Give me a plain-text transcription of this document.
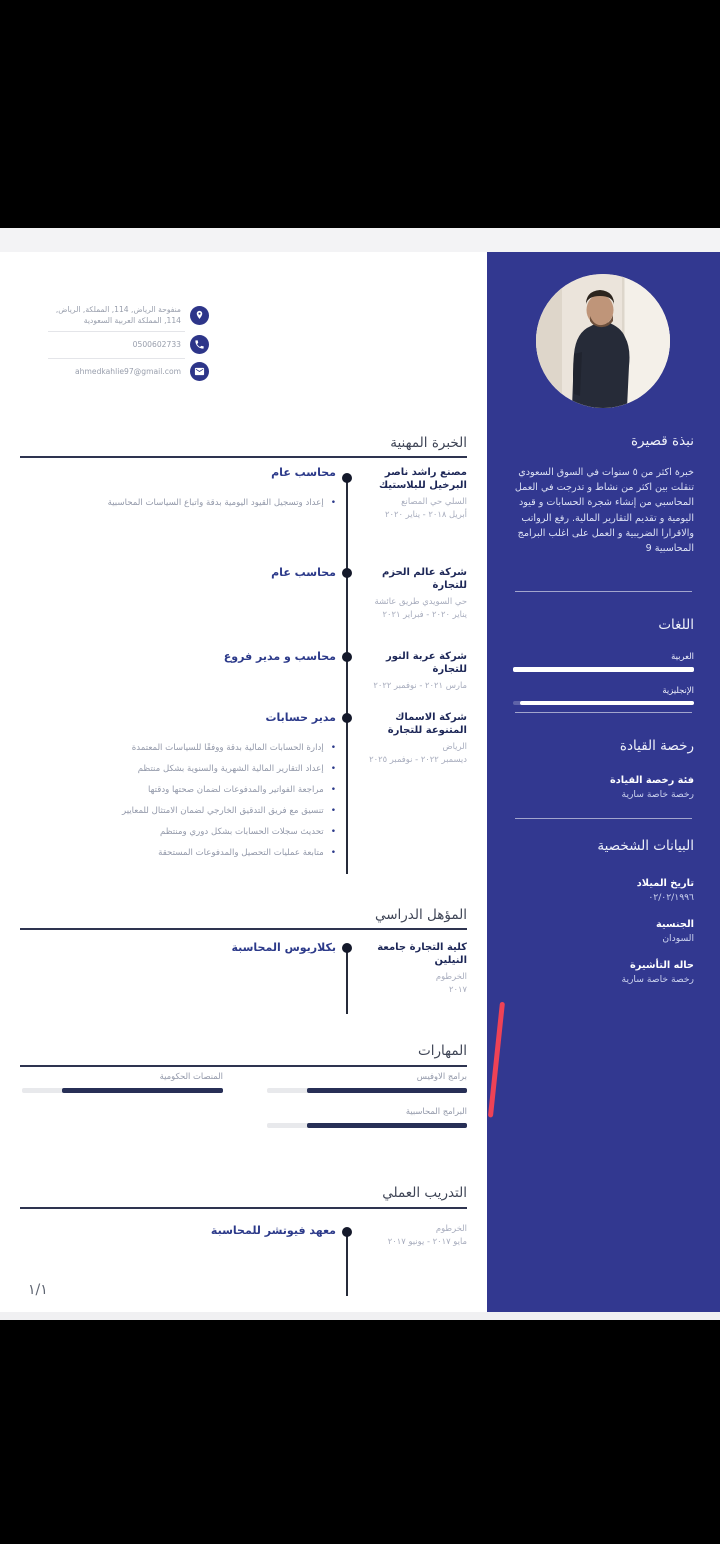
منفوحة الرياض, 114, المملكة, الرياض, 114, المملكة العربية السعودية
0500602733
ahmedkahlie97@gmail.com
الخبرة المهنية
مصنع راشد ناصر البرخيل للبلاستيك
السلي حي المصانع
أبريل ٢٠١٨ - يناير ٢٠٢٠
محاسب عام
•إعداد وتسجيل القيود اليومية بدقة واتباع السياسات المحاسبية
شركة عالم الحزم للتجارة
حي السويدي طريق عائشة
يناير ٢٠٢٠ - فبراير ٢٠٢١
محاسب عام
شركة عربة النور للتجارة
مارس ٢٠٢١ - نوفمبر ٢٠٢٢
محاسب و مدير فروع
شركة الاسماك المتنوعة للتجارة
الرياض
ديسمبر ٢٠٢٢ - نوفمبر ٢٠٢٥
مدير حسابات
•إدارة الحسابات المالية بدقة ووفقًا للسياسات المعتمدة
•إعداد التقارير المالية الشهرية والسنوية بشكل منتظم
•مراجعة الفواتير والمدفوعات لضمان صحتها ودقتها
•تنسيق مع فريق التدقيق الخارجي لضمان الامتثال للمعايير
•تحديث سجلات الحسابات بشكل دوري ومنتظم
•متابعة عمليات التحصيل والمدفوعات المستحقة
المؤهل الدراسي
كلية التجارة جامعة النيلين
الخرطوم
٢٠١٧
بكلاريوس المحاسبة
المهارات
برامج الاوفيس
المنصات الحكومية
البرامج المحاسبية
التدريب العملي
الخرطوم
مايو ٢٠١٧ - يونيو ٢٠١٧
معهد فيوتشر للمحاسبة
١/١
نبذة قصيرة
خبرة اكثر من ٥ سنوات في السوق السعودي تنقلت بين اكثر من نشاط و تدرجت في العمل المحاسبي من إنشاء شجرة الحسابات و قيود اليومية و تقديم التقارير المالية. رفع الرواتب والاقرارا الضريبية و العمل على اغلب البرامج المحاسبية 9
اللغات
العربية
الإنجليزية
رخصة القيادة
فئة رخصة القيادة
رخصة خاصة سارية
البيانات الشخصية
تاريخ الميلاد
٠٢/٠٢/١٩٩٦
الجنسية
السودان
حاله التأشيرة
رخصة خاصة سارية
